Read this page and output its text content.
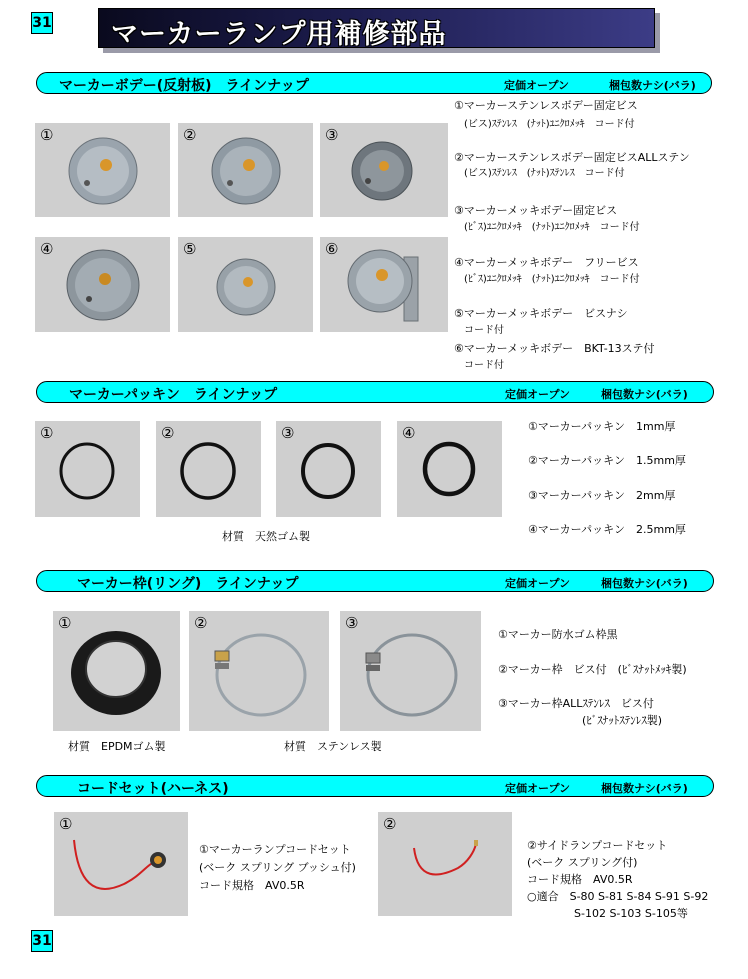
31
31
マーカーランプ用補修部品
マーカーボデー(反射板)　ラインナップ	定価オープン	梱包数ナシ(バラ)
①	②	③
④	⑤	⑥
①マーカーステンレスボデー固定ビス
(ビス)ｽﾃﾝﾚｽ　(ﾅｯﾄ)ﾕﾆｸﾛﾒｯｷ　コード付
②マーカーステンレスボデー固定ビスALLステン
(ビス)ｽﾃﾝﾚｽ　(ﾅｯﾄ)ｽﾃﾝﾚｽ　コード付
③マーカーメッキボデー固定ビス
(ﾋﾞｽ)ﾕﾆｸﾛﾒｯｷ　(ﾅｯﾄ)ﾕﾆｸﾛﾒｯｷ　コード付
④マーカーメッキボデー　フリービス
(ﾋﾞｽ)ﾕﾆｸﾛﾒｯｷ　(ﾅｯﾄ)ﾕﾆｸﾛﾒｯｷ　コード付
⑤マーカーメッキボデー　ビスナシ
コード付
⑥マーカーメッキボデー　BKT-13ステ付
コード付
マーカーパッキン　ラインナップ	定価オープン	梱包数ナシ(バラ)
①	②	③	④
材質　天然ゴム製
①マーカーパッキン　1mm厚
②マーカーパッキン　1.5mm厚
③マーカーパッキン　2mm厚
④マーカーパッキン　2.5mm厚
マーカー枠(リング)　ラインナップ	定価オープン	梱包数ナシ(バラ)
①	②	③
材質　EPDMゴム製	材質　ステンレス製
①マーカー防水ゴム枠黒
②マーカー枠　ビス付　(ﾋﾞｽﾅｯﾄﾒｯｷ製)
③マーカー枠ALLｽﾃﾝﾚｽ　ビス付
(ﾋﾞｽﾅｯﾄｽﾃﾝﾚｽ製)
コードセット(ハーネス)	定価オープン	梱包数ナシ(バラ)
①	②
①マーカーランプコードセット
(ベーク スプリング ブッシュ付)
コード規格　AV0.5R
②サイドランプコードセット
(ベーク スプリング付)
コード規格　AV0.5R
○適合　S-80 S-81 S-84 S-91 S-92
S-102 S-103 S-105等
